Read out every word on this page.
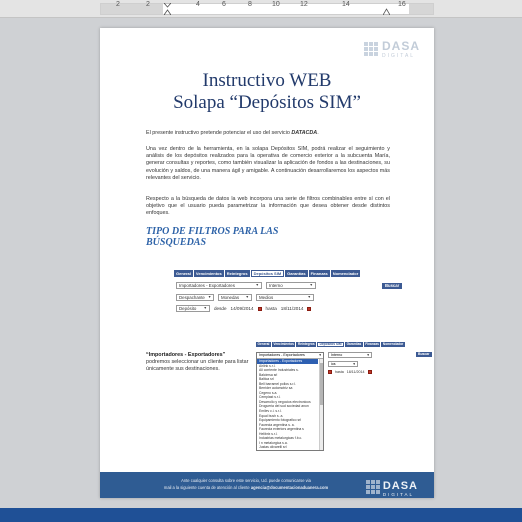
2	2	4	6	8	10	12	14	16
DASA
DIGITAL
Instructivo WEB
Solapa “Depósitos SIM”

El presente instructivo pretende potenciar el uso del servicio DATACDA.

Una vez dentro de la herramienta, en la solapa Depósitos SIM, podrá realizar el seguimiento y análisis de los depósitos realizados para la operativa de comercio exterior a la subcuenta María, generar consultas y reportes, como también visualizar la aplicación de fondos a las destinaciones, su evolución y saldos, de una manera ágil y amigable. A continuación desarrollaremos los aspectos más relevantes del servicio.

Respecto a la búsqueda de datos la web incorpora una serie de filtros combinables entre sí con el objetivo que el usuario pueda parametrizar la información que desea obtener desde distintos enfoques.

TIPO DE FILTROS PARA LAS
BÚSQUEDAS
General	Vencimientos	Reintegros	Depósitos SIM	Garantías	Finanzas	Nomenclador
Importadores - Exportadores	▼ Interno	▼	Buscar
Despachante ▼ Monedas ▼ Medios	▼
Depósito ▼ desde 14/09/2014	hasta 18/11/2014

“Importadores - Exportadores” podremos seleccionar un cliente para listar únicamente sus destinaciones.

General	Vencimientos	Reintegros	Depósitos SIM	Garantías	Finanzas	Nomenclador
Interno	▾	Buscar
ios	▾
hasta 18/11/2014
Importadores - Exportadores	▾
Importadores - Exportadores
Airlink s.r.l.
All corriente Industriales s.
Balcimsa srl
Baltica srl
Bell barramel pollos s.r.l.
Berrider automotriz sa
Cegeno s.a.
Cemplast s.r.l.
Desarrollo y negocios electronicos
Drogueria del sud sociedad anon
Emilev c.i. s.r.l.
Equal bush s. a.
Equipamiento fotografico srl
Faurecia argentina s. a.
Faurecia exteriors argentina s
Helibrix s.r.l.
Industrias metalurgicas f.b.c.
I n metalurgica s.a.
Justas olivarelli srl
Ante cualquier consulta sobre este servicio, Ud. puede comunicarse via
mail a la siguiente cuenta de atención al cliente agencia@documentacionaduanera.com	DASA
DIGITAL
